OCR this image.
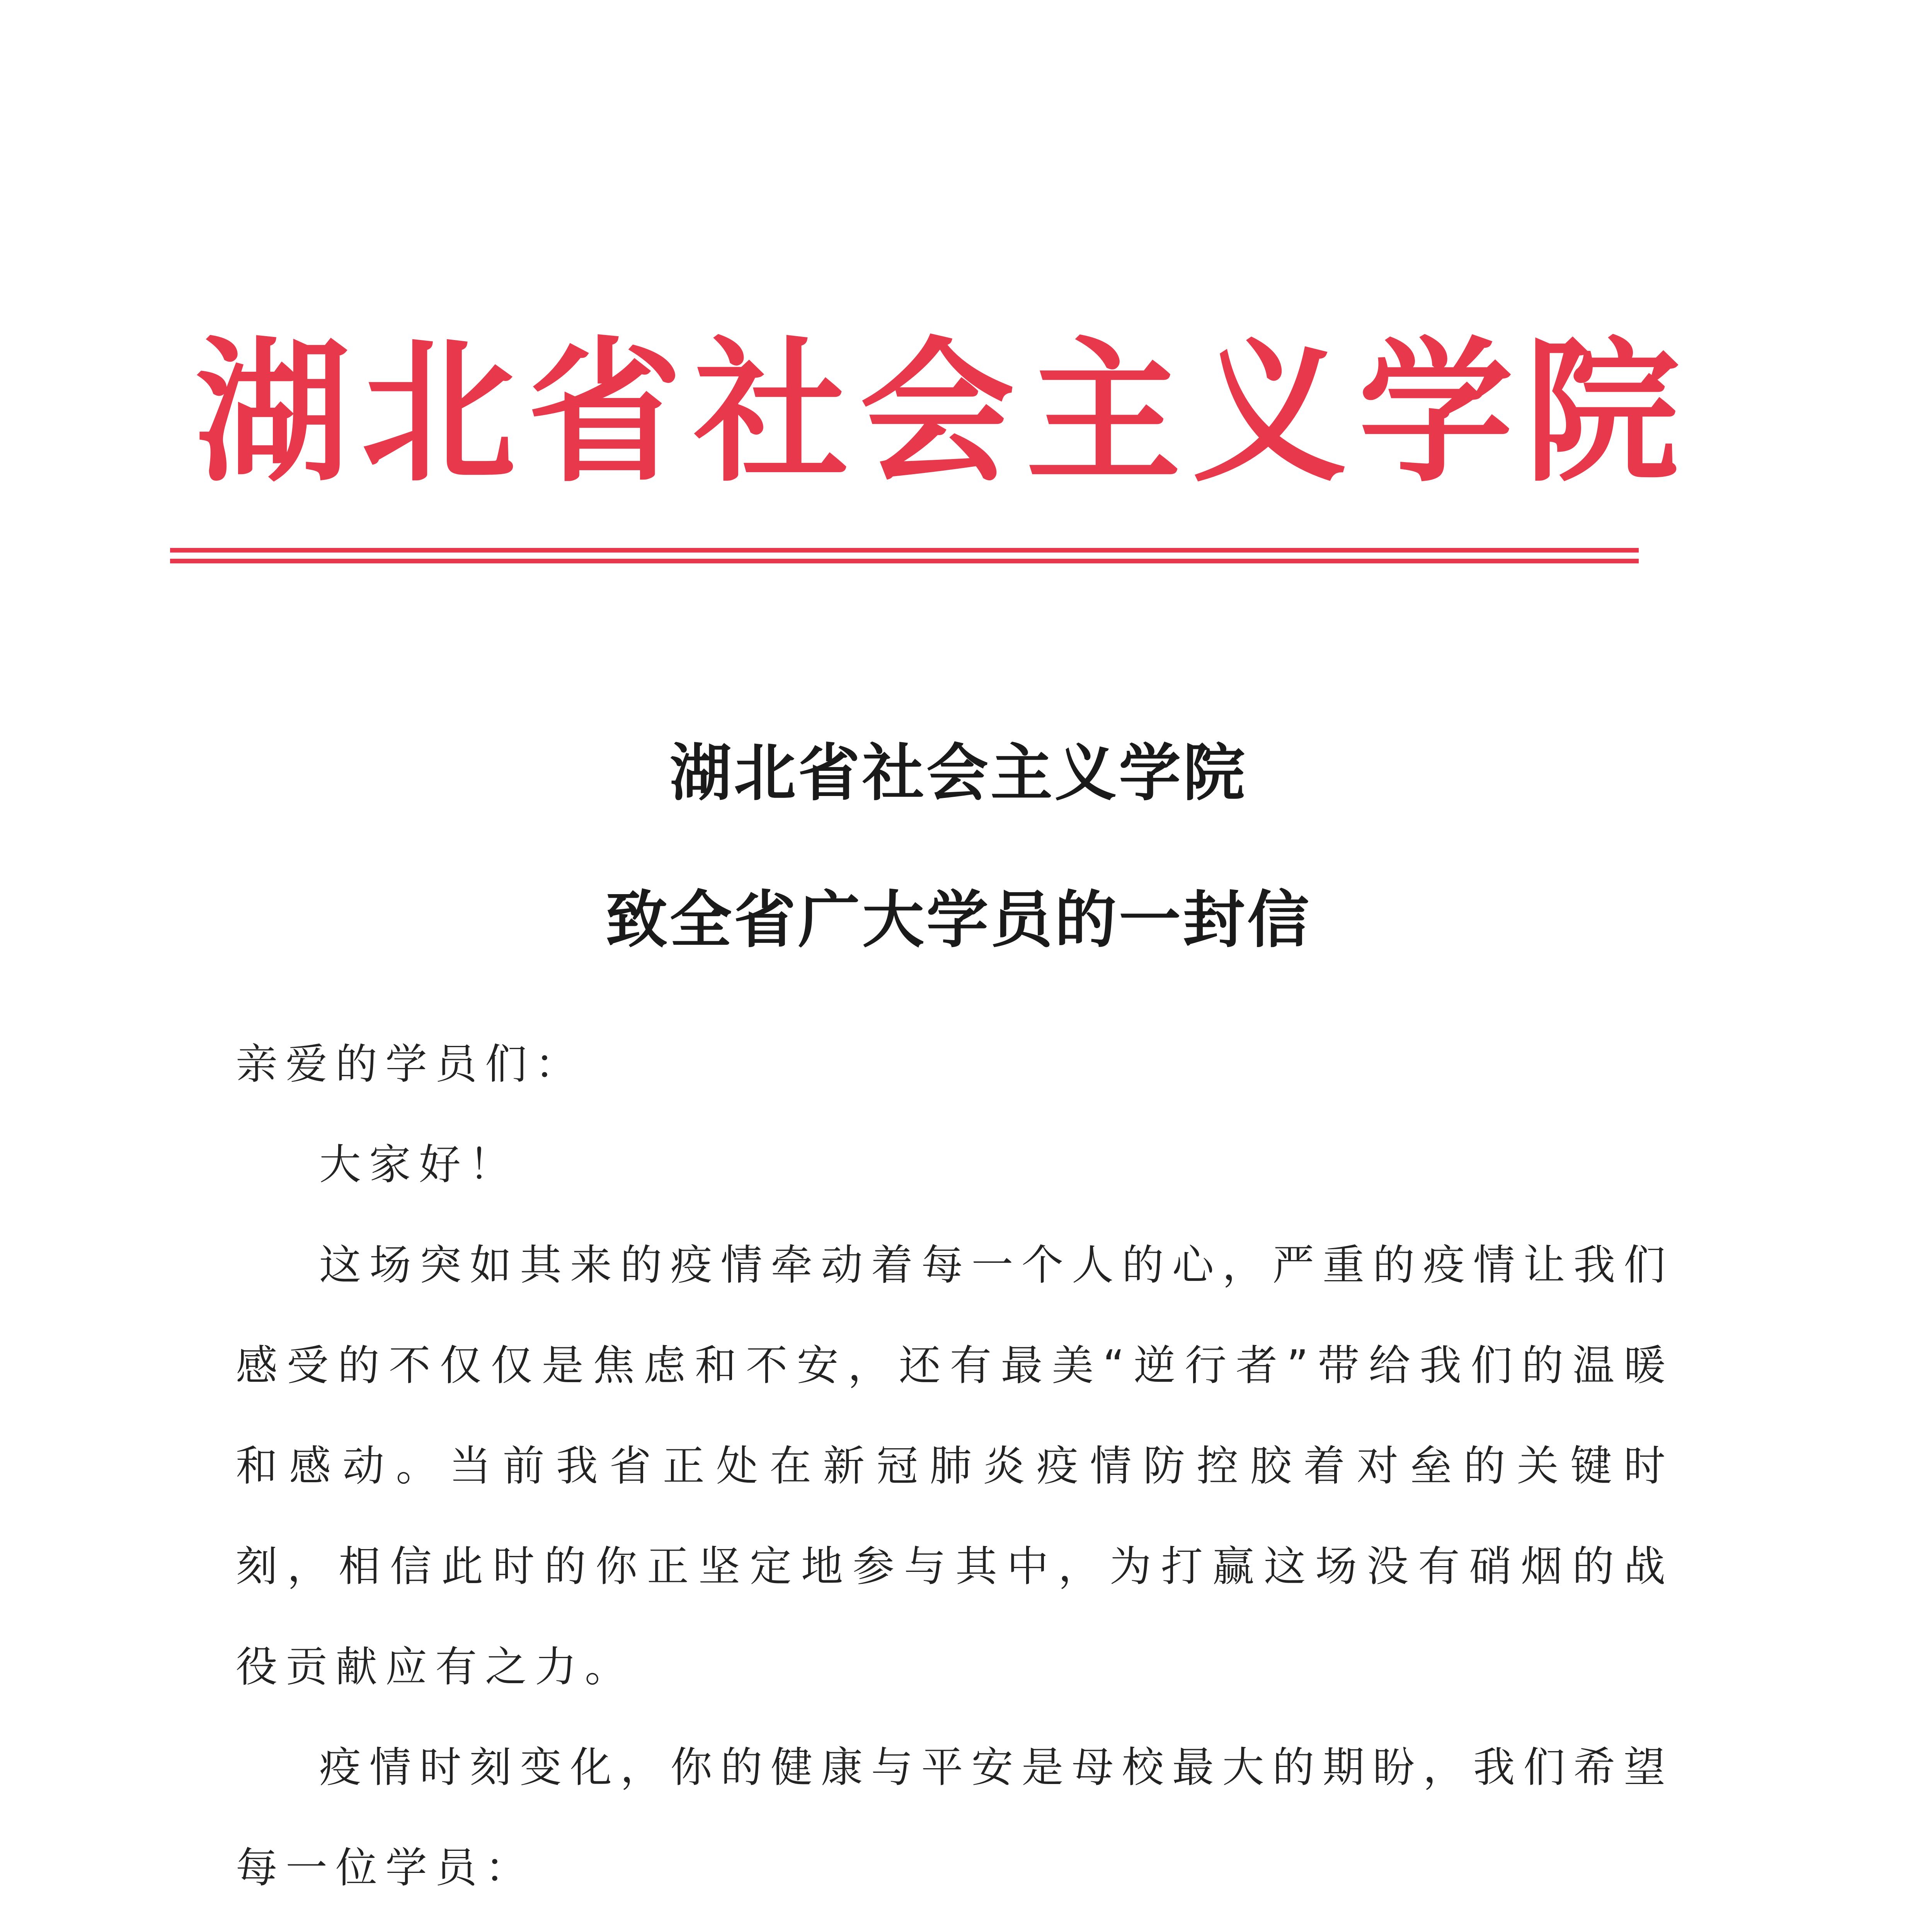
湖北省社会主义学院
湖北省社会主义学院
致全省广大学员的一封信

亲爱的学员们：

大家好！

这场突如其来的疫情牵动着每一个人的心，严重的疫情让我们感受的不仅仅是焦虑和不安，还有最美“逆行者”带给我们的温暖和感动。当前我省正处在新冠肺炎疫情防控胶着对垒的关键时刻，相信此时的你正坚定地参与其中，为打赢这场没有硝烟的战役贡献应有之力。

疫情时刻变化，你的健康与平安是母校最大的期盼，我们希望每一位学员：
